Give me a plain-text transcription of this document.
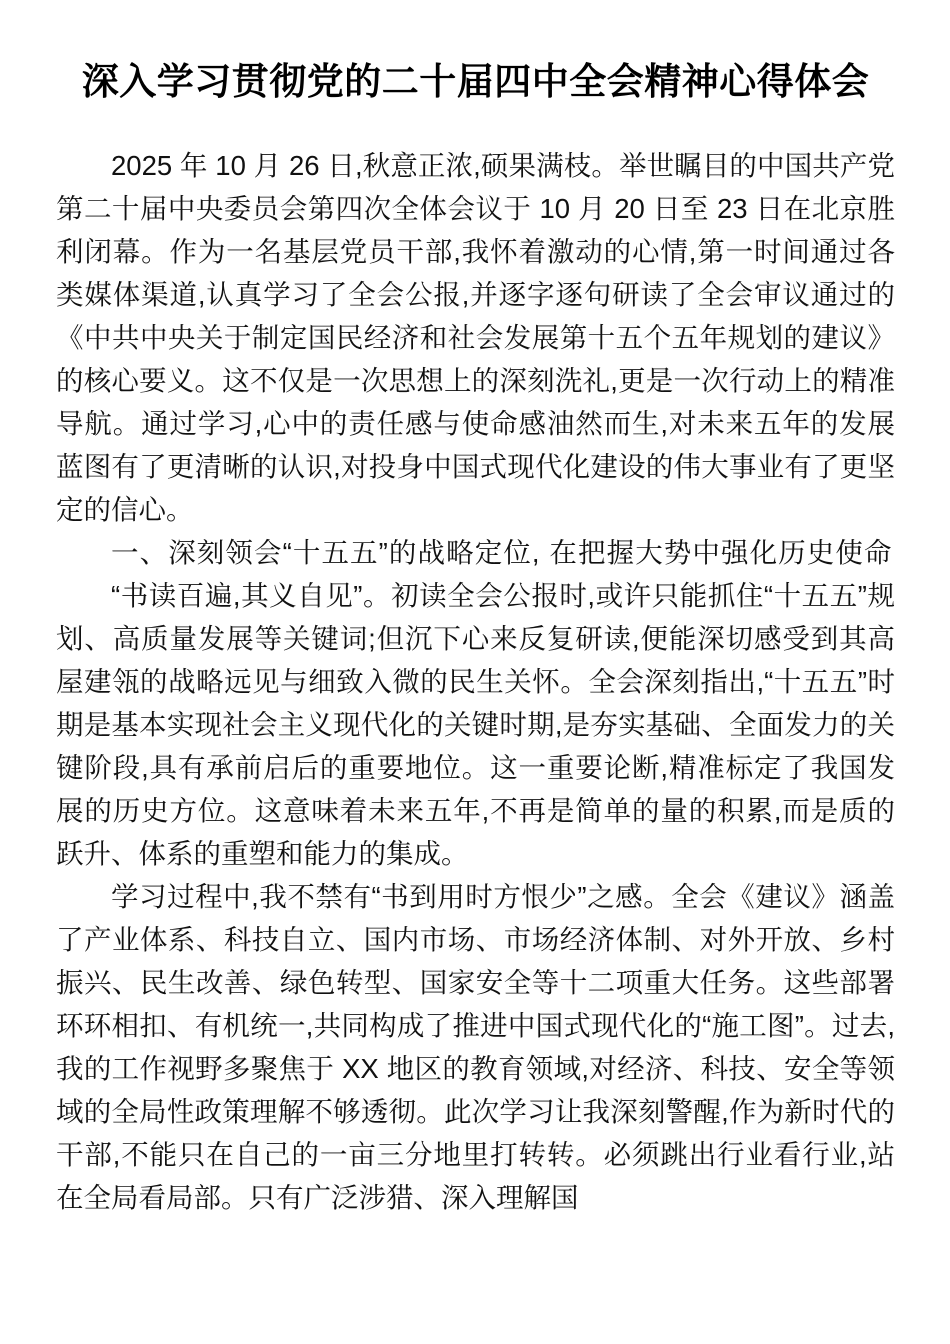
深入学习贯彻党的二十届四中全会精神心得体会

2025 年 10 月 26 日,秋意正浓,硕果满枝。举世瞩目的中国共产党第二十届中央委员会第四次全体会议于 10 月 20 日至 23 日在北京胜利闭幕。作为一名基层党员干部,我怀着激动的心情,第一时间通过各类媒体渠道,认真学习了全会公报,并逐字逐句研读了全会审议通过的《中共中央关于制定国民经济和社会发展第十五个五年规划的建议》的核心要义。这不仅是一次思想上的深刻洗礼,更是一次行动上的精准导航。通过学习,心中的责任感与使命感油然而生,对未来五年的发展蓝图有了更清晰的认识,对投身中国式现代化建设的伟大事业有了更坚定的信心。

一、深刻领会“十五五”的战略定位, 在把握大势中强化历史使命

“书读百遍,其义自见”。初读全会公报时,或许只能抓住“十五五”规划、高质量发展等关键词;但沉下心来反复研读,便能深切感受到其高屋建瓴的战略远见与细致入微的民生关怀。全会深刻指出,“十五五”时期是基本实现社会主义现代化的关键时期,是夯实基础、全面发力的关键阶段,具有承前启后的重要地位。这一重要论断,精准标定了我国发展的历史方位。这意味着未来五年,不再是简单的量的积累,而是质的跃升、体系的重塑和能力的集成。

学习过程中,我不禁有“书到用时方恨少”之感。全会《建议》涵盖了产业体系、科技自立、国内市场、市场经济体制、对外开放、乡村振兴、民生改善、绿色转型、国家安全等十二项重大任务。这些部署环环相扣、有机统一,共同构成了推进中国式现代化的“施工图”。过去,我的工作视野多聚焦于 XX 地区的教育领域,对经济、科技、安全等领域的全局性政策理解不够透彻。此次学习让我深刻警醒,作为新时代的干部,不能只在自己的一亩三分地里打转转。必须跳出行业看行业,站在全局看局部。只有广泛涉猎、深入理解国
